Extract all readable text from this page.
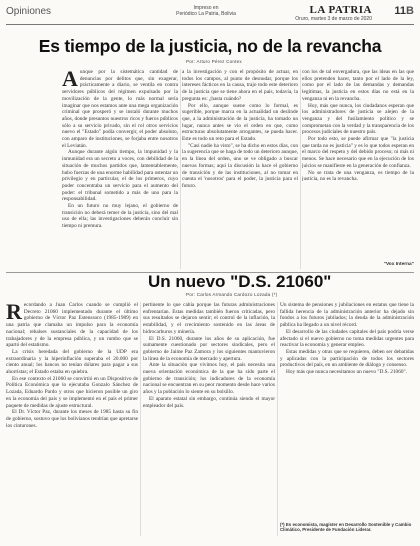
Opiniones	Impreso en
Periódico La Patria, Bolivia	LA PATRIA
Oruro, martes 3 de marzo de 2020
11B
Es tiempo de la justicia, no de la revancha
Por: Arturo Pérez Contex

Aunque por la sistemática cantidad de denuncias por delitos que, sin exagerar, prácticamente a diario, se ventila en contra servidores públicos del régimen expulsado por la movilización de la gente, lo más normal sería imaginar que nos estamos ante una mega organización criminal que prosperó y se instaló durante muchos años, donde presuntos nuestros ricos y fueros públicos sólo a su servicio privado, sin el rol otros servicios nuevo el "Estado" podía convergir, el poder absoluto, con amparo de instituciones, se forjaba entre nosotros el Leviatán.

Aunque durante algún tiempo, la impunidad y la inmunidad era un secreto a voces, con debilidad de la situación de muchos partidos que, lamentablemente, hubo fuerzas de una enorme habilidad para ostentar un privilegio y en particular, el de los primeros, cuyo poder concentraba un servicio para el aumento del poder: el tribunal sometido a más de uno para la responsabilidad.

En un futuro no muy lejano, el gobierno de transición no deberá temer de la justicia, sino del mal uso de ella; las investigaciones deberán concluir sin tiempo ni premura.

a la investigación y con el propósito de actuar, en todos los campos, al punto de desnudar, porque los intereses fácticos en la causa, trajo todo este deterioro de la justicia que se tiene ahora en el país, todavía, la pregunta es: ¿hasta cuándo?

Por ello, aunque suene como lo formal, es sugerible, porque marca en la actualidad un deslinde que, a la administración de la justicia, ha tomado un lugar, nunca antes se vio el orden en que, como estructuras absolutamente arrogantes, se pueda hacer. Este es todo un reto para el Estado.

"Casi nadie ha visto", se ha dicho en estos días, con la sugerencia que se haga de todo un deterioro aunque, en la línea del orden, uno se ve obligado a buscar nuevas formas; aquí la discusión la hace el gobierno de transición y de las instituciones, al no tomar en cuenta el 'nosotros' para el poder, la justicia para el futuro.

con los de tal envergadura, que las ideas en las que ellos pretenden hacer, tanto por el lado de la ley, como por el lado de las demandas y demandas legítimas, la justicia en estos días no está en la venganza ni en la revancha.

Hoy, más que nunca, los ciudadanos esperan que los administradores de justicia se alejen de la venganza y del fusilamiento político y se comprometan con la verdad y la transparencia de los procesos judiciales de nuestro país.

Por todo esto, se puede afirmar que "la justicia que tarda no es justicia" y es lo que todos esperan en el marco del respeto y del debido proceso; ni más ni menos. Se hace necesario que en la ejecución de los juicios se manifieste en la generación de confianza.

No se trata de una venganza, es tiempo de la justicia, no es la revancha.

"Vox Interna"
Un nuevo "D.S. 21060"
Por: Carlos Armando Cardozo Lozada (*)

Recordando a Juan Carlos cuando se cumplió el Decreto 21060 implementado durante el último gobierno de Víctor Paz Estenssoro (1985-1989) en una patria que clamaba un impulso para la economía nacional; rebalses sustanciales de la capacidad de los trabajadores y de la empresa pública, y un rumbo que se apartó del estatismo.

La crisis heredada del gobierno de la UDP era extraordinaria y la hiperinflación superaba el 20.000 por ciento anual; los bancos no tenían dólares para pagar a sus ahorristas; el Estado estaba en quiebra.

En ese contexto el 21060 se convirtió en un Dispositivo de Política Económica que lo ejecutaba Gonzalo Sánchez de Lozada, Eduardo Pardo y otros que hicieron posible un giro en la economía del país y se implementó en el país el primer paquete de medidas de ajuste estructural.

El Dr. Víctor Paz, durante los meses de 1985 hasta su fin de gobierno, sostuvo que los bolivianos tendrían que apretarse los cinturones.

pertinente lo que cabía porque las futuras administraciones enfrentarían. Estas medidas también fueron criticadas, pero sus resultados se dejaron sentir; el control de la inflación, la estabilidad, y el crecimiento sostenido en las áreas de hidrocarburos y minería.

El D.S. 21060, durante los años de su aplicación, fue sumamente cuestionado por sectores sindicales, pero el gobierno de Jaime Paz Zamora y los siguientes mantuvieron la línea de la economía de mercado y apertura.

Ante la situación que vivimos hoy, el país necesita una nueva orientación económica de la que ha sido parte el gobierno de transición; los indicadores de la economía nacional se encuentran en su peor momento desde hace varios años y la población lo siente en su bolsillo.

El aparato estatal sin embargo, continúa siendo el mayor empleador del país.

Un sistema de pensiones y jubilaciones en estatus que tiene la fallida herencia de la administración anterior ha dejado sin fondos a los futuros jubilados; la deuda de la administración pública ha llegado a un nivel récord.

El desarrollo de las ciudades capitales del país podría verse afectado si el nuevo gobierno no toma medidas urgentes para reactivar la economía y generar empleo.

Estas medidas y otras que se requieren, deben ser debatidas y aplicadas con la participación de todos los sectores productivos del país, en un ambiente de diálogo y consenso.

Hoy más que nunca necesitamos un nuevo "D.S. 21060".

(*) Es economista, magíster en Desarrollo Sostenible y Cambio Climático, Presidente de Fundación Liderar.
